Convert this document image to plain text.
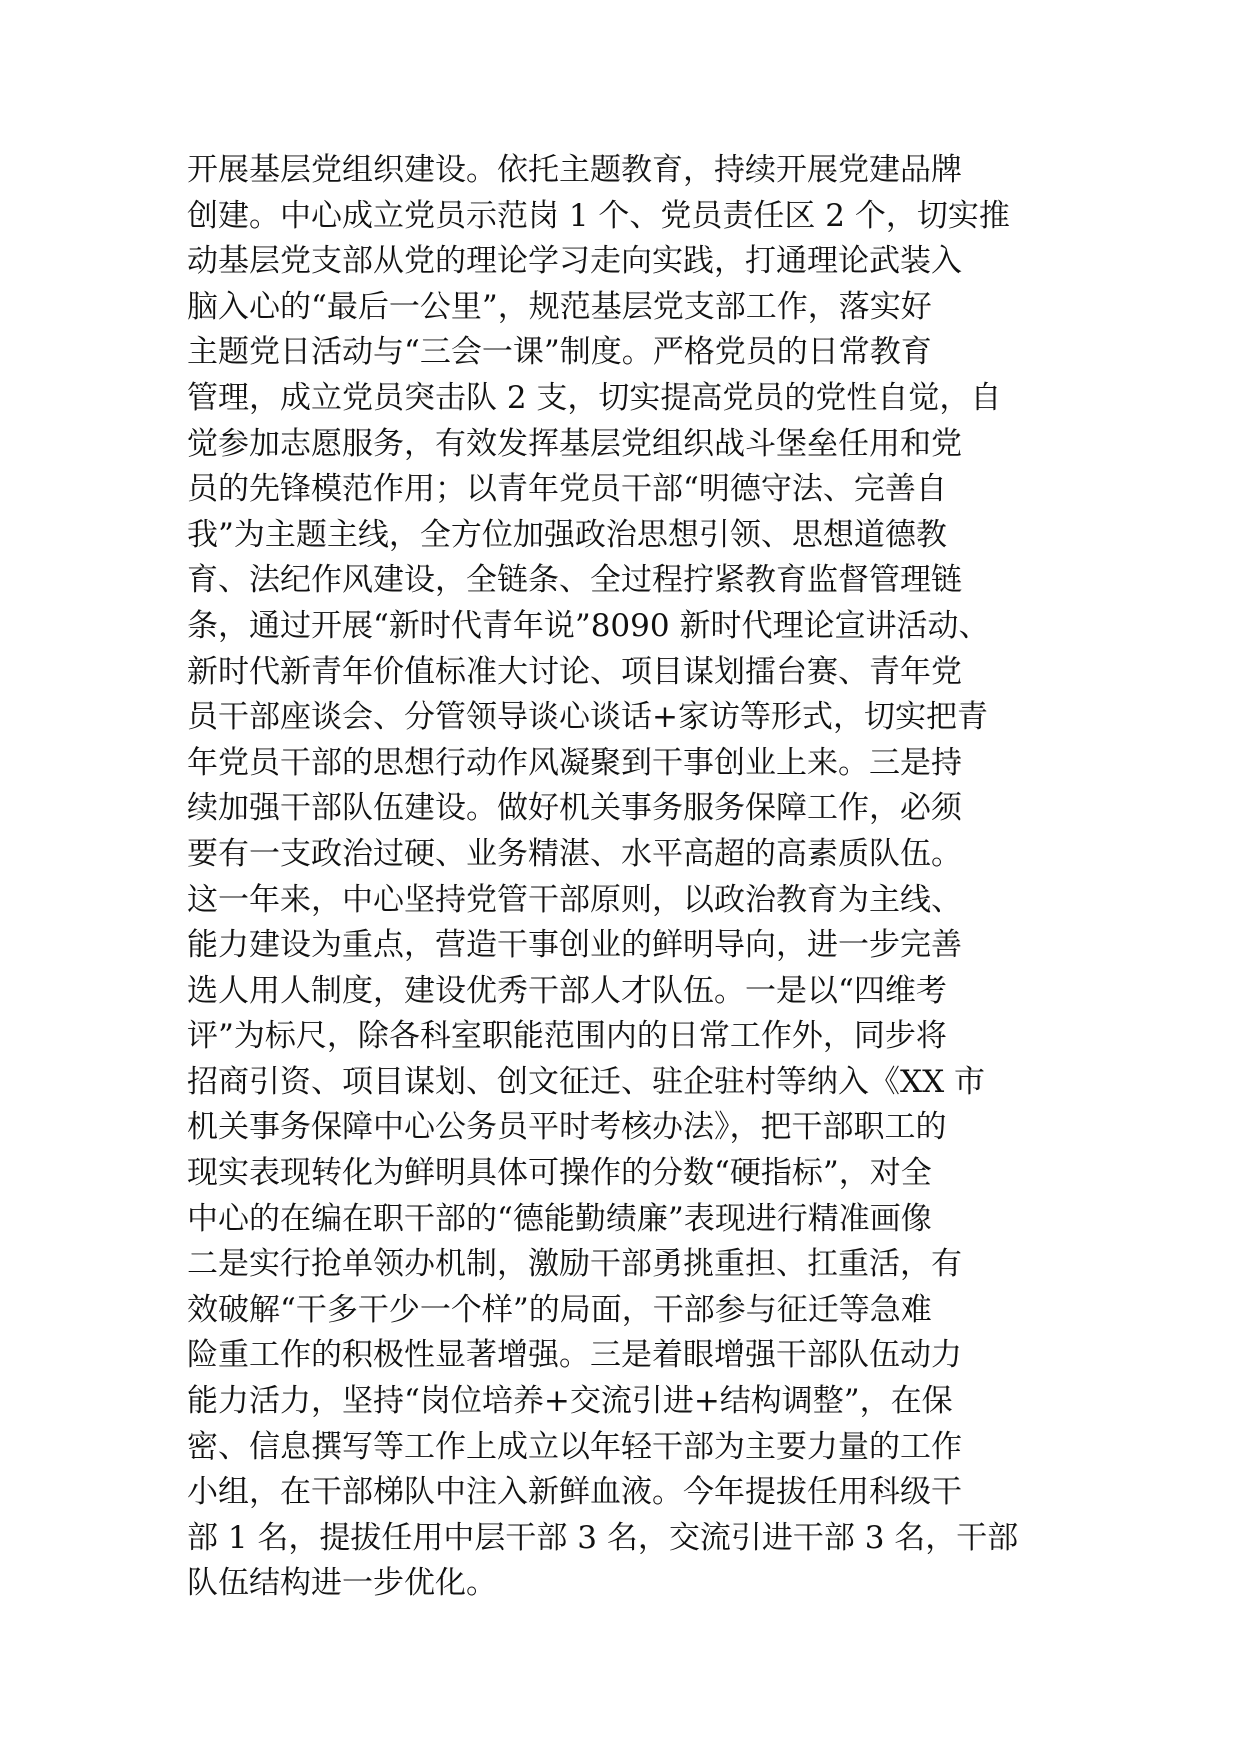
开展基层党组织建设。依托主题教育，持续开展党建品牌
创建。中心成立党员示范岗 1 个、党员责任区 2 个，切实推
动基层党支部从党的理论学习走向实践，打通理论武装入
脑入心的“最后一公里”，规范基层党支部工作，落实好
主题党日活动与“三会一课”制度。严格党员的日常教育
管理，成立党员突击队 2 支，切实提高党员的党性自觉，自
觉参加志愿服务，有效发挥基层党组织战斗堡垒任用和党
员的先锋模范作用；以青年党员干部“明德守法、完善自
我”为主题主线，全方位加强政治思想引领、思想道德教
育、法纪作风建设，全链条、全过程拧紧教育监督管理链
条，通过开展“新时代青年说”8090 新时代理论宣讲活动、
新时代新青年价值标准大讨论、项目谋划擂台赛、青年党
员干部座谈会、分管领导谈心谈话+家访等形式，切实把青
年党员干部的思想行动作风凝聚到干事创业上来。三是持
续加强干部队伍建设。做好机关事务服务保障工作，必须
要有一支政治过硬、业务精湛、水平高超的高素质队伍。
这一年来，中心坚持党管干部原则，以政治教育为主线、
能力建设为重点，营造干事创业的鲜明导向，进一步完善
选人用人制度，建设优秀干部人才队伍。一是以“四维考
评”为标尺，除各科室职能范围内的日常工作外，同步将
招商引资、项目谋划、创文征迁、驻企驻村等纳入《XX 市
机关事务保障中心公务员平时考核办法》，把干部职工的
现实表现转化为鲜明具体可操作的分数“硬指标”，对全
中心的在编在职干部的“德能勤绩廉”表现进行精准画像
二是实行抢单领办机制，激励干部勇挑重担、扛重活，有
效破解“干多干少一个样”的局面，干部参与征迁等急难
险重工作的积极性显著增强。三是着眼增强干部队伍动力
能力活力，坚持“岗位培养+交流引进+结构调整”，在保
密、信息撰写等工作上成立以年轻干部为主要力量的工作
小组，在干部梯队中注入新鲜血液。今年提拔任用科级干
部 1 名，提拔任用中层干部 3 名，交流引进干部 3 名，干部
队伍结构进一步优化。
